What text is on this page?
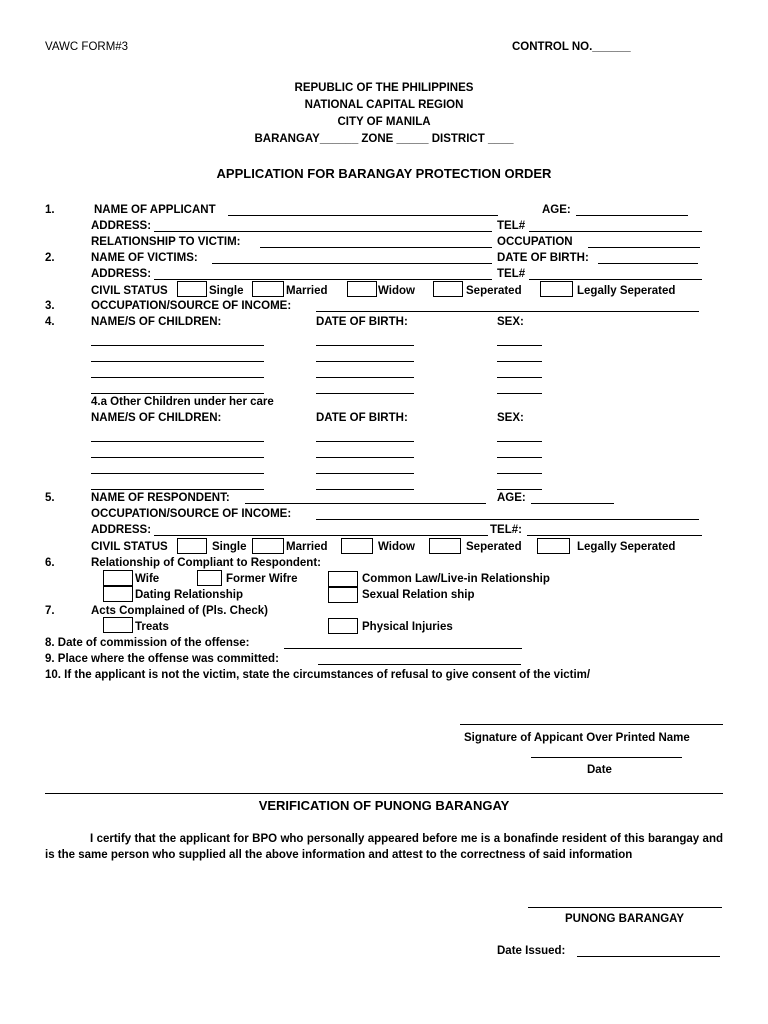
VAWC FORM#3	CONTROL NO.______
REPUBLIC OF THE PHILIPPINES
NATIONAL CAPITAL REGION
CITY OF MANILA
BARANGAY______ ZONE _____ DISTRICT ____
APPLICATION FOR BARANGAY PROTECTION ORDER
1.	NAME OF APPLICANT	AGE:
ADDRESS:	TEL#
RELATIONSHIP TO VICTIM:	OCCUPATION
2.	NAME OF VICTIMS:	DATE OF BIRTH:
ADDRESS:	TEL#
CIVIL STATUS	Single	Married	Widow	Seperated	Legally Seperated
3.	OCCUPATION/SOURCE OF INCOME:
4.	NAME/S OF CHILDREN:	DATE OF BIRTH:	SEX:
4.a Other Children under her care
NAME/S OF CHILDREN:	DATE OF BIRTH:	SEX:
5.	NAME OF RESPONDENT:	AGE:
OCCUPATION/SOURCE OF INCOME:
ADDRESS:	TEL#:
CIVIL STATUS	Single	Married	Widow	Seperated	Legally Seperated
6.	Relationship of Compliant to Respondent:
Wife	Former Wifre	Common Law/Live-in Relationship
Dating Relationship	Sexual Relation ship
7.	Acts Complained of (Pls. Check)
Treats	Physical Injuries
8. Date of commission of the offense:
9. Place where the offense was committed:
10. If the applicant is not the victim, state the circumstances of refusal to give consent of the victim/
Signature of Appicant Over Printed Name
Date
VERIFICATION OF PUNONG BARANGAY
I certify that the applicant for BPO who personally appeared before me is a bonafinde resident of this barangay and is the same person who supplied all the above information and attest to the correctness of said information
PUNONG BARANGAY
Date Issued:
